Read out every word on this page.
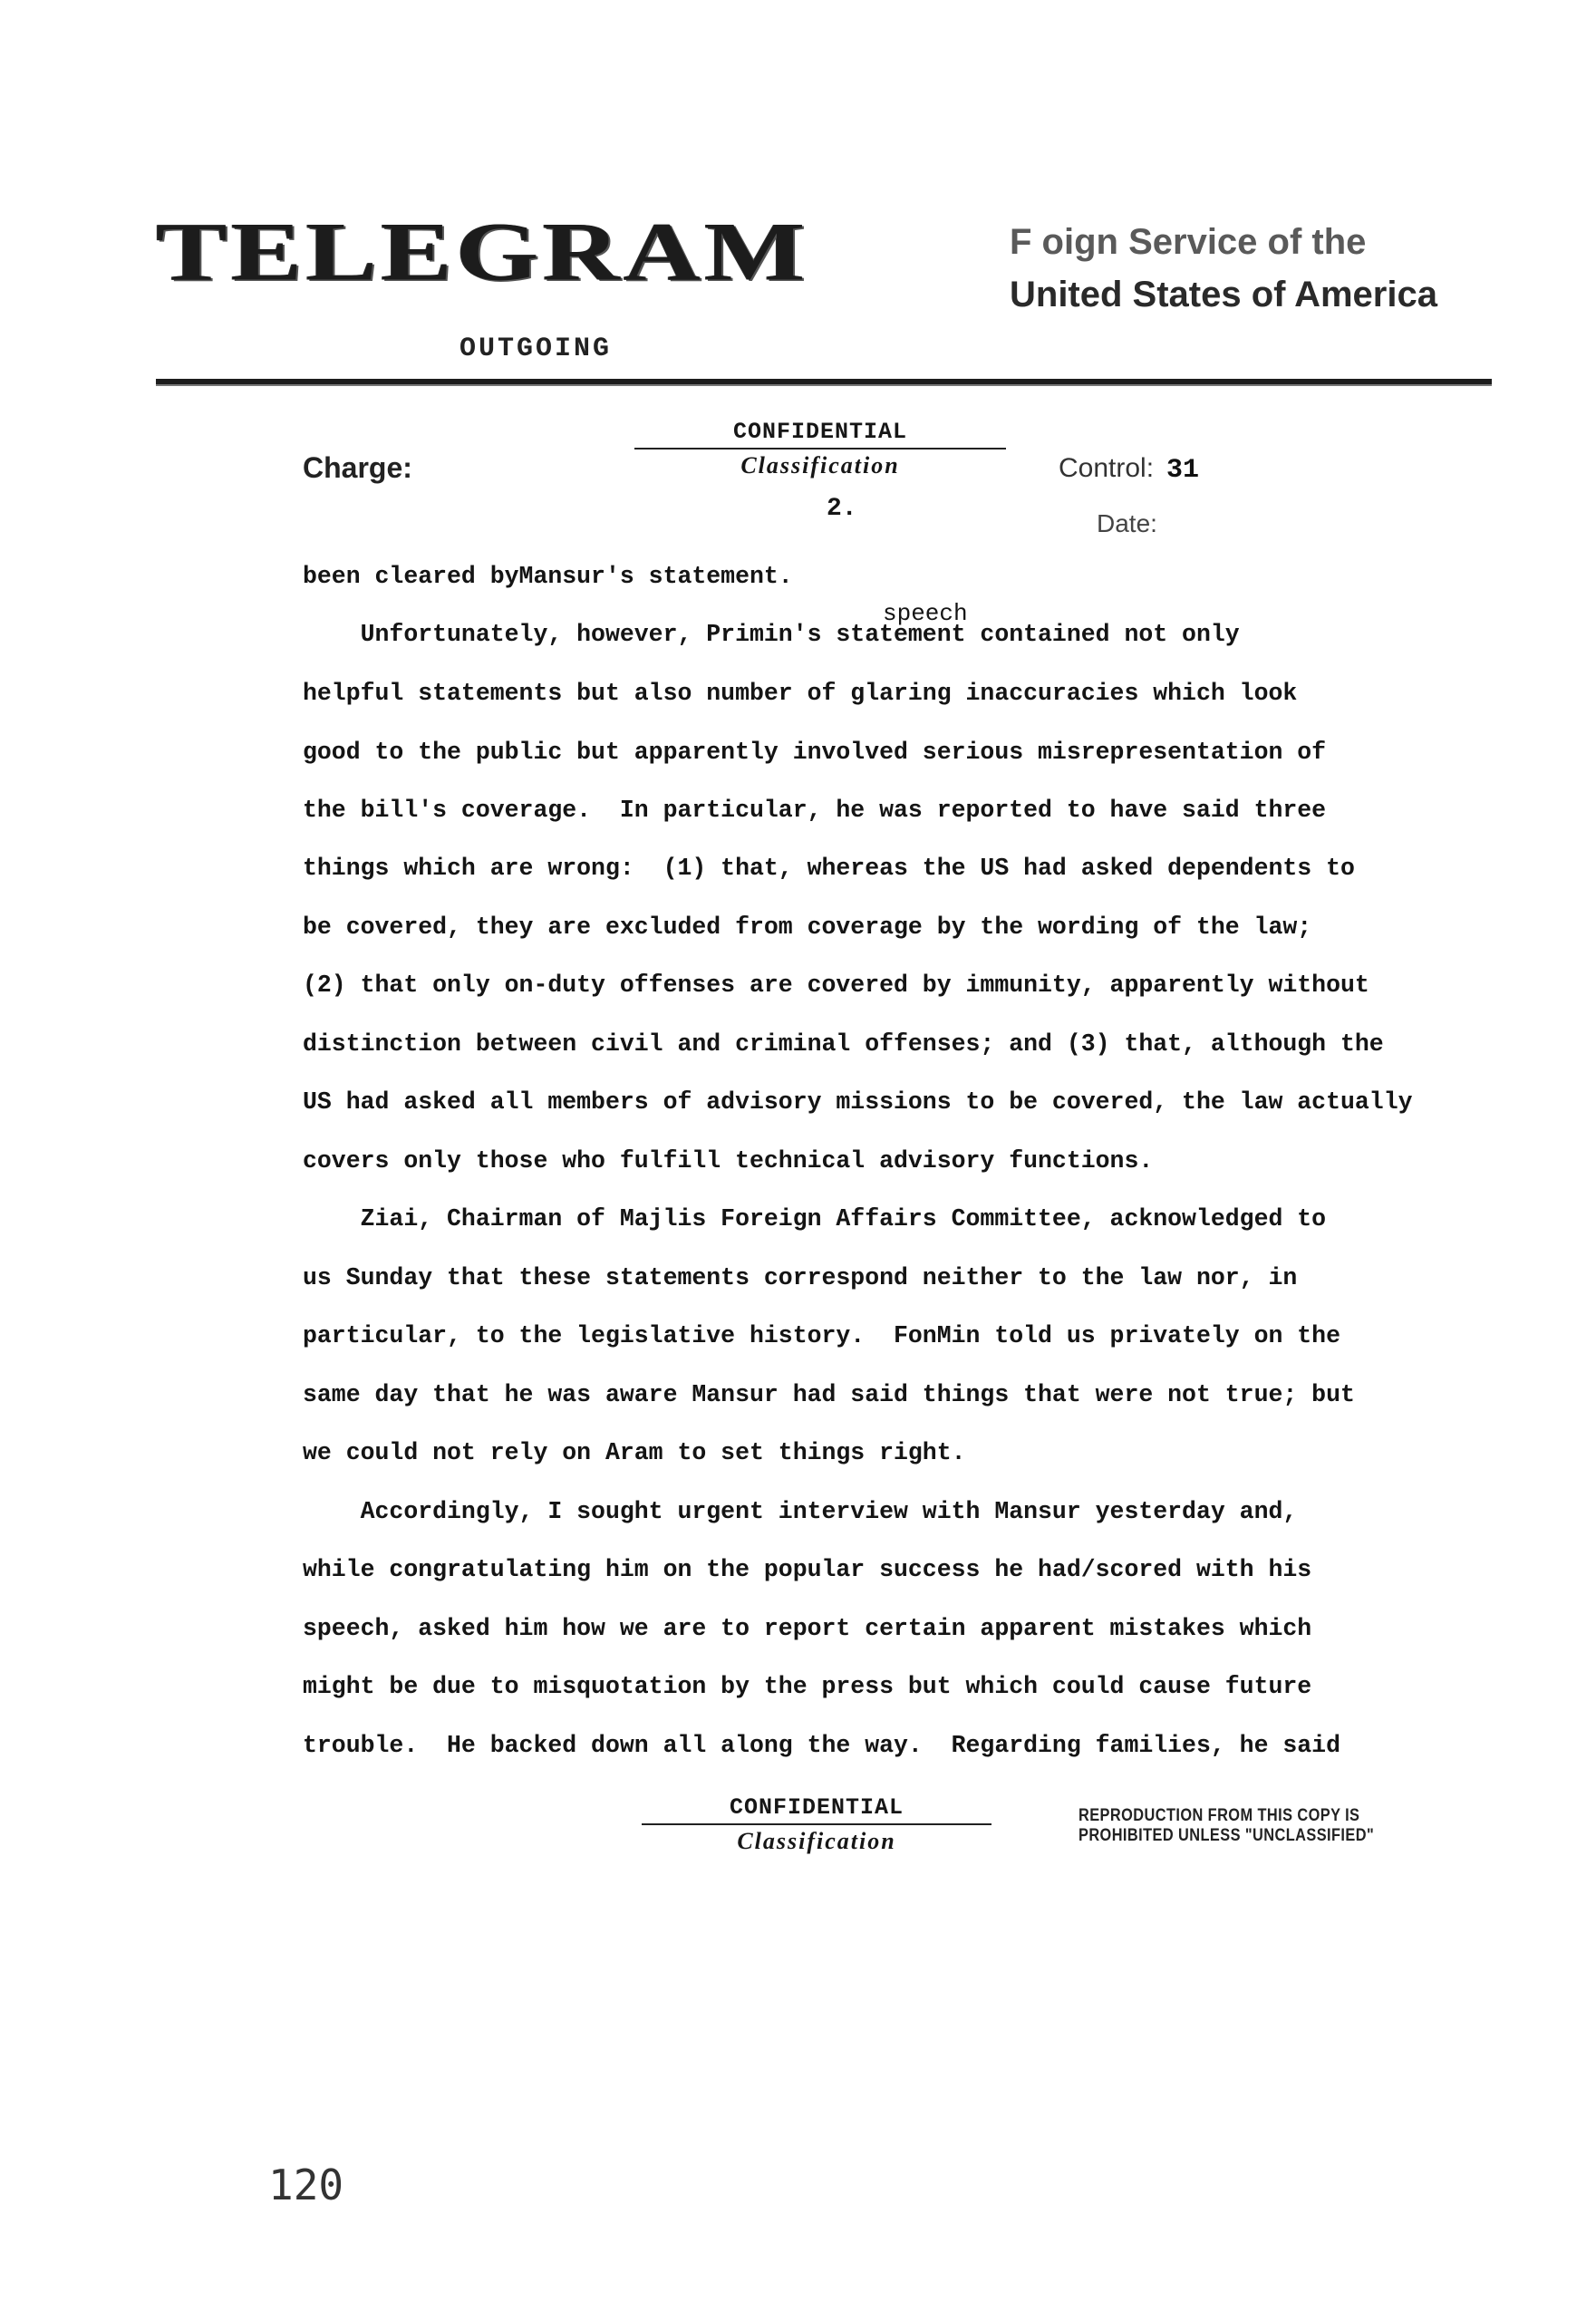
TELEGRAM	F oign Service of the
United States of America
OUTGOING
Charge:
CONFIDENTIAL
Classification
2.
Control: 31
Date:
speech
been cleared byMansur's statement.
Unfortunately, however, Primin's statement contained not only
helpful statements but also number of glaring inaccuracies which look
good to the public but apparently involved serious misrepresentation of
the bill's coverage.  In particular, he was reported to have said three
things which are wrong:  (1) that, whereas the US had asked dependents to
be covered, they are excluded from coverage by the wording of the law;
(2) that only on-duty offenses are covered by immunity, apparently without
distinction between civil and criminal offenses; and (3) that, although the
US had asked all members of advisory missions to be covered, the law actually
covers only those who fulfill technical advisory functions.
Ziai, Chairman of Majlis Foreign Affairs Committee, acknowledged to
us Sunday that these statements correspond neither to the law nor, in
particular, to the legislative history.  FonMin told us privately on the
same day that he was aware Mansur had said things that were not true; but
we could not rely on Aram to set things right.
Accordingly, I sought urgent interview with Mansur yesterday and,
while congratulating him on the popular success he had/scored with his
speech, asked him how we are to report certain apparent mistakes which
might be due to misquotation by the press but which could cause future
trouble.  He backed down all along the way.  Regarding families, he said
CONFIDENTIAL
Classification
REPRODUCTION FROM THIS COPY IS
PROHIBITED UNLESS "UNCLASSIFIED"
120
